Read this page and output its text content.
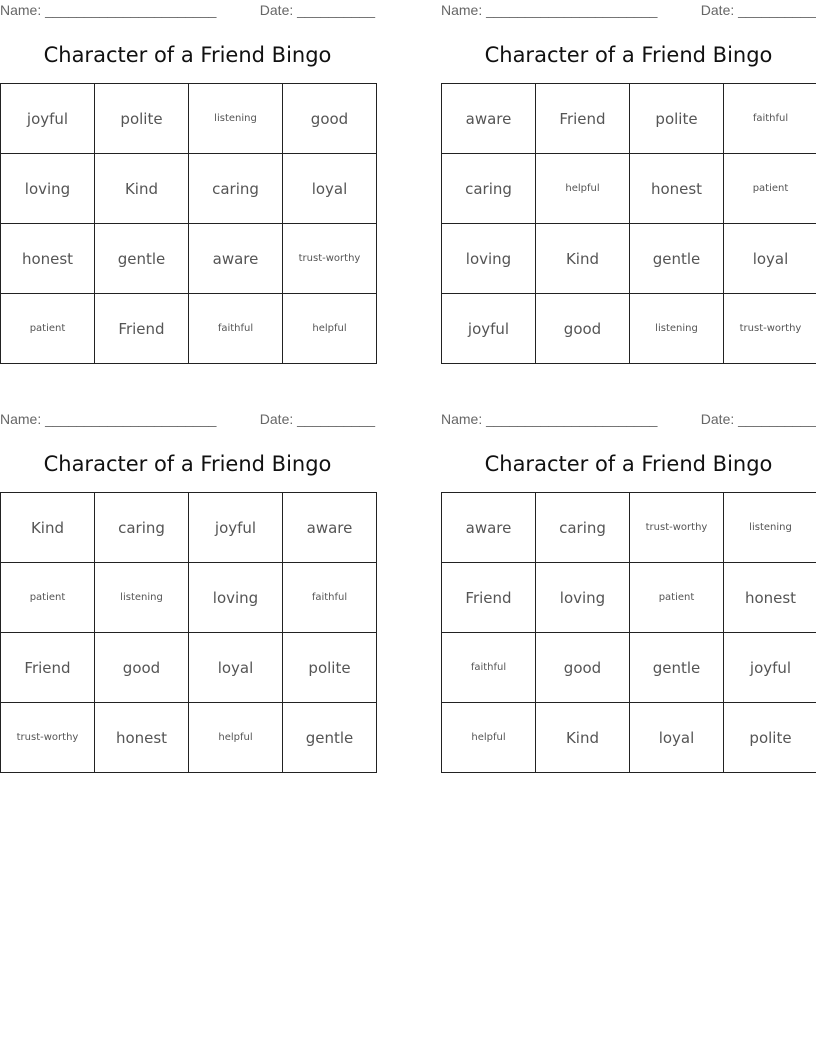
Name: ______________________	Date: __________
Character of a Friend Bingo
joyful	polite	listening	good
loving	Kind	caring	loyal
honest	gentle	aware	trust-worthy
patient	Friend	faithful	helpful
Name: ______________________	Date: __________
Character of a Friend Bingo
aware	Friend	polite	faithful
caring	helpful	honest	patient
loving	Kind	gentle	loyal
joyful	good	listening	trust-worthy
Name: ______________________	Date: __________
Character of a Friend Bingo
Kind	caring	joyful	aware
patient	listening	loving	faithful
Friend	good	loyal	polite
trust-worthy	honest	helpful	gentle
Name: ______________________	Date: __________
Character of a Friend Bingo
aware	caring	trust-worthy	listening
Friend	loving	patient	honest
faithful	good	gentle	joyful
helpful	Kind	loyal	polite
